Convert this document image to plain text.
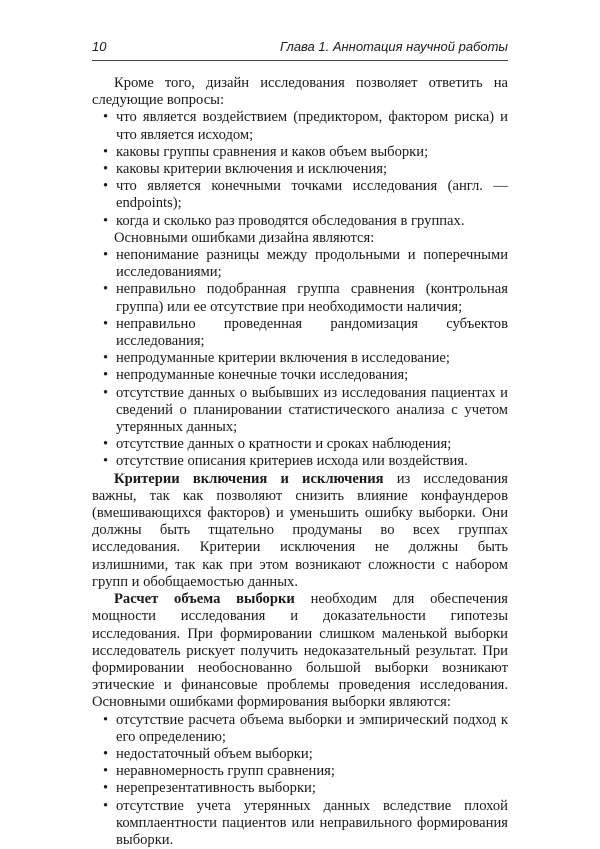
10	Глава 1. Аннотация научной работы

Кроме того, дизайн исследования позволяет ответить на следующие вопросы:

• что является воздействием (предиктором, фактором риска) и что является исходом;
• каковы группы сравнения и каков объем выборки;
• каковы критерии включения и исключения;
• что является конечными точками исследования (англ. — endpoints);
• когда и сколько раз проводятся обследования в группах.

Основными ошибками дизайна являются:

• непонимание разницы между продольными и поперечными исследованиями;
• неправильно подобранная группа сравнения (контрольная группа) или ее отсутствие при необходимости наличия;
• неправильно проведенная рандомизация субъектов исследования;
• непродуманные критерии включения в исследование;
• непродуманные конечные точки исследования;
• отсутствие данных о выбывших из исследования пациентах и сведений о планировании статистического анализа с учетом утерянных данных;
• отсутствие данных о кратности и сроках наблюдения;
• отсутствие описания критериев исхода или воздействия.

Критерии включения и исключения из исследования важны, так как позволяют снизить влияние конфаундеров (вмешивающихся факторов) и уменьшить ошибку выборки. Они должны быть тщательно продуманы во всех группах исследования. Критерии исключения не должны быть излишними, так как при этом возникают сложности с набором групп и обобщаемостью данных.

Расчет объема выборки необходим для обеспечения мощности исследования и доказательности гипотезы исследования. При формировании слишком маленькой выборки исследователь рискует получить недоказательный результат. При формировании необоснованно большой выборки возникают этические и финансовые проблемы проведения исследования. Основными ошибками формирования выборки являются:

• отсутствие расчета объема выборки и эмпирический подход к его определению;
• недостаточный объем выборки;
• неравномерность групп сравнения;
• нерепрезентативность выборки;
• отсутствие учета утерянных данных вследствие плохой комплаентности пациентов или неправильного формирования выборки.
